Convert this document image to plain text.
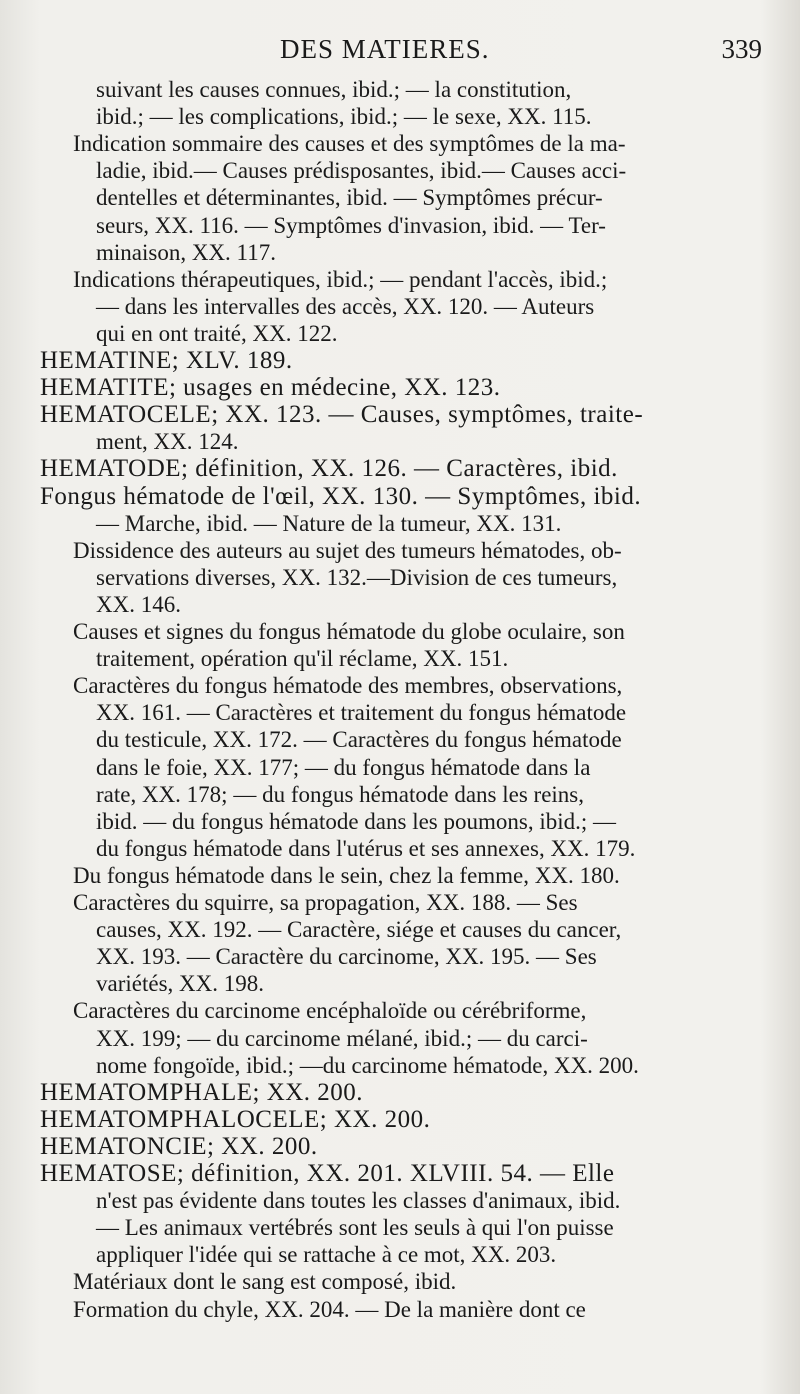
DES MATIERES.	339
suivant les causes connues, ibid.; — la constitution,
ibid.; — les complications, ibid.; — le sexe, XX. 115.
Indication sommaire des causes et des symptômes de la ma-
ladie, ibid.— Causes prédisposantes, ibid.— Causes acci-
dentelles et déterminantes, ibid. — Symptômes précur-
seurs, XX. 116. — Symptômes d'invasion, ibid. — Ter-
minaison, XX. 117.
Indications thérapeutiques, ibid.; — pendant l'accès, ibid.;
— dans les intervalles des accès, XX. 120. — Auteurs
qui en ont traité, XX. 122.
HEMATINE; XLV. 189.
HEMATITE; usages en médecine, XX. 123.
HEMATOCELE; XX. 123. — Causes, symptômes, traite-
ment, XX. 124.
HEMATODE; définition, XX. 126. — Caractères, ibid.
Fongus hématode de l'œil, XX. 130. — Symptômes, ibid.
— Marche, ibid. — Nature de la tumeur, XX. 131.
Dissidence des auteurs au sujet des tumeurs hématodes, ob-
servations diverses, XX. 132.—Division de ces tumeurs,
XX. 146.
Causes et signes du fongus hématode du globe oculaire, son
traitement, opération qu'il réclame, XX. 151.
Caractères du fongus hématode des membres, observations,
XX. 161. — Caractères et traitement du fongus hématode
du testicule, XX. 172. — Caractères du fongus hématode
dans le foie, XX. 177; — du fongus hématode dans la
rate, XX. 178; — du fongus hématode dans les reins,
ibid. — du fongus hématode dans les poumons, ibid.; —
du fongus hématode dans l'utérus et ses annexes, XX. 179.
Du fongus hématode dans le sein, chez la femme, XX. 180.
Caractères du squirre, sa propagation, XX. 188. — Ses
causes, XX. 192. — Caractère, siége et causes du cancer,
XX. 193. — Caractère du carcinome, XX. 195. — Ses
variétés, XX. 198.
Caractères du carcinome encéphaloïde ou cérébriforme,
XX. 199; — du carcinome mélané, ibid.; — du carci-
nome fongoïde, ibid.; —du carcinome hématode, XX. 200.
HEMATOMPHALE; XX. 200.
HEMATOMPHALOCELE; XX. 200.
HEMATONCIE; XX. 200.
HEMATOSE; définition, XX. 201. XLVIII. 54. — Elle
n'est pas évidente dans toutes les classes d'animaux, ibid.
— Les animaux vertébrés sont les seuls à qui l'on puisse
appliquer l'idée qui se rattache à ce mot, XX. 203.
Matériaux dont le sang est composé, ibid.
Formation du chyle, XX. 204. — De la manière dont ce
